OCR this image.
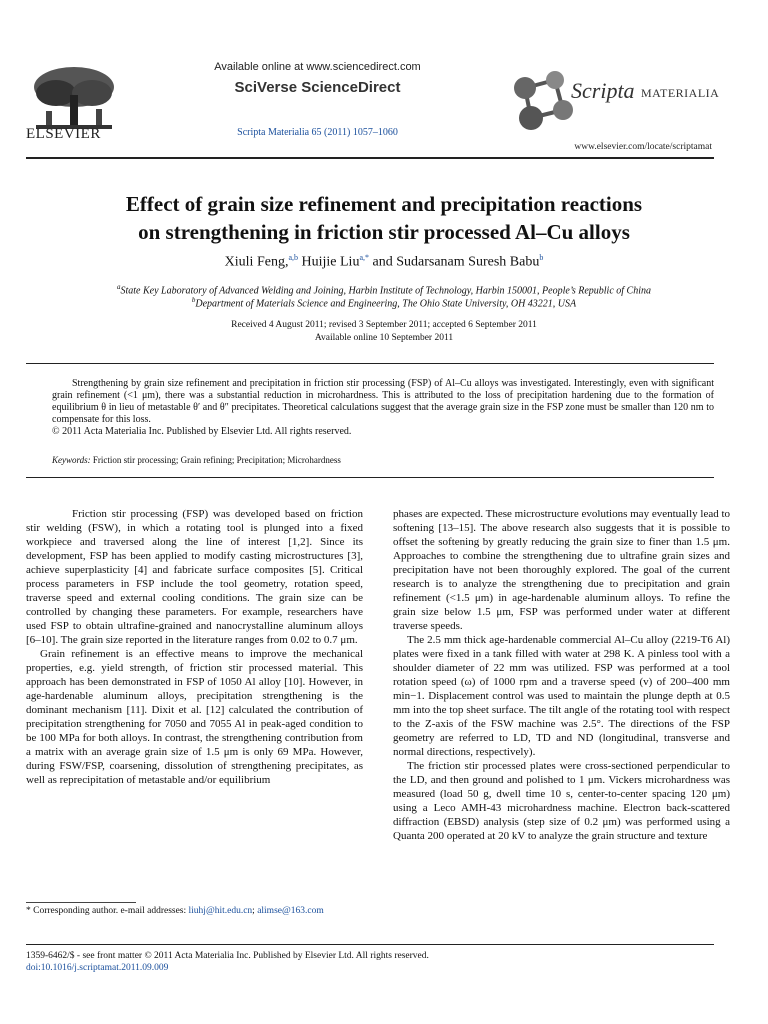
ELSEVIER
Available online at www.sciencedirect.com
SciVerse ScienceDirect
Scripta Materialia 65 (2011) 1057–1060
Scripta MATERIALIA
www.elsevier.com/locate/scriptamat
Effect of grain size refinement and precipitation reactions
on strengthening in friction stir processed Al–Cu alloys
Xiuli Feng,$^{a,b}$ Huijie Liu$^{a,*}$ and Sudarsanam Suresh Babu$^b$
$^a$State Key Laboratory of Advanced Welding and Joining, Harbin Institute of Technology, Harbin 150001, People’s Republic of China
$^b$Department of Materials Science and Engineering, The Ohio State University, OH 43221, USA
Received 4 August 2011; revised 3 September 2011; accepted 6 September 2011
Available online 10 September 2011

Strengthening by grain size refinement and precipitation in friction stir processing (FSP) of Al–Cu alloys was investigated. Interestingly, even with significant grain refinement (<1 μm), there was a substantial reduction in microhardness. This is attributed to the loss of precipitation hardening due to the formation of equilibrium θ in lieu of metastable θ′ and θ″ precipitates. Theoretical calculations suggest that the average grain size in the FSP zone must be smaller than 120 nm to compensate for this loss.

© 2011 Acta Materialia Inc. Published by Elsevier Ltd. All rights reserved.

Keywords: Friction stir processing; Grain refining; Precipitation; Microhardness

Friction stir processing (FSP) was developed based on friction stir welding (FSW), in which a rotating tool is plunged into a fixed workpiece and traversed along the line of interest [1,2]. Since its development, FSP has been applied to modify casting microstructures [3], achieve superplasticity [4] and fabricate surface composites [5]. Critical process parameters in FSP include the tool geometry, rotation speed, traverse speed and external cooling conditions. The grain size can be controlled by changing these parameters. For example, researchers have used FSP to obtain ultrafine-grained and nanocrystalline aluminum alloys [6–10]. The grain size reported in the literature ranges from 0.02 to 0.7 μm.

Grain refinement is an effective means to improve the mechanical properties, e.g. yield strength, of friction stir processed material. This approach has been demonstrated in FSP of 1050 Al alloy [10]. However, in age-hardenable aluminum alloys, precipitation strengthening is the dominant mechanism [11]. Dixit et al. [12] calculated the contribution of precipitation strengthening for 7050 and 7055 Al in peak-aged condition to be 100 MPa for both alloys. In contrast, the strengthening contribution from a matrix with an average grain size of 1.5 μm is only 69 MPa. However, during FSW/FSP, coarsening, dissolution of strengthening precipitates, as well as reprecipitation of metastable and/or equilibrium

phases are expected. These microstructure evolutions may eventually lead to softening [13–15]. The above research also suggests that it is possible to offset the softening by greatly reducing the grain size to finer than 1.5 μm. Approaches to combine the strengthening due to ultrafine grain sizes and precipitation have not been thoroughly explored. The goal of the current research is to analyze the strengthening due to precipitation and grain refinement (<1.5 μm) in age-hardenable aluminum alloys. To refine the grain size below 1.5 μm, FSP was performed under water at different traverse speeds.

The 2.5 mm thick age-hardenable commercial Al–Cu alloy (2219-T6 Al) plates were fixed in a tank filled with water at 298 K. A pinless tool with a shoulder diameter of 22 mm was utilized. FSP was performed at a tool rotation speed (ω) of 1000 rpm and a traverse speed (v) of 200–400 mm min−1. Displacement control was used to maintain the plunge depth at 0.5 mm into the top sheet surface. The tilt angle of the rotating tool with respect to the Z-axis of the FSW machine was 2.5°. The directions of the FSP geometry are referred to LD, TD and ND (longitudinal, transverse and normal directions, respectively).

The friction stir processed plates were cross-sectioned perpendicular to the LD, and then ground and polished to 1 μm. Vickers microhardness was measured (load 50 g, dwell time 10 s, center-to-center spacing 120 μm) using a Leco AMH-43 microhardness machine. Electron back-scattered diffraction (EBSD) analysis (step size of 0.2 μm) was performed using a Quanta 200 operated at 20 kV to analyze the grain structure and texture

* Corresponding author. e-mail addresses: liuhj@hit.edu.cn; alimse@163.com
1359-6462/$ - see front matter © 2011 Acta Materialia Inc. Published by Elsevier Ltd. All rights reserved.
doi:10.1016/j.scriptamat.2011.09.009
